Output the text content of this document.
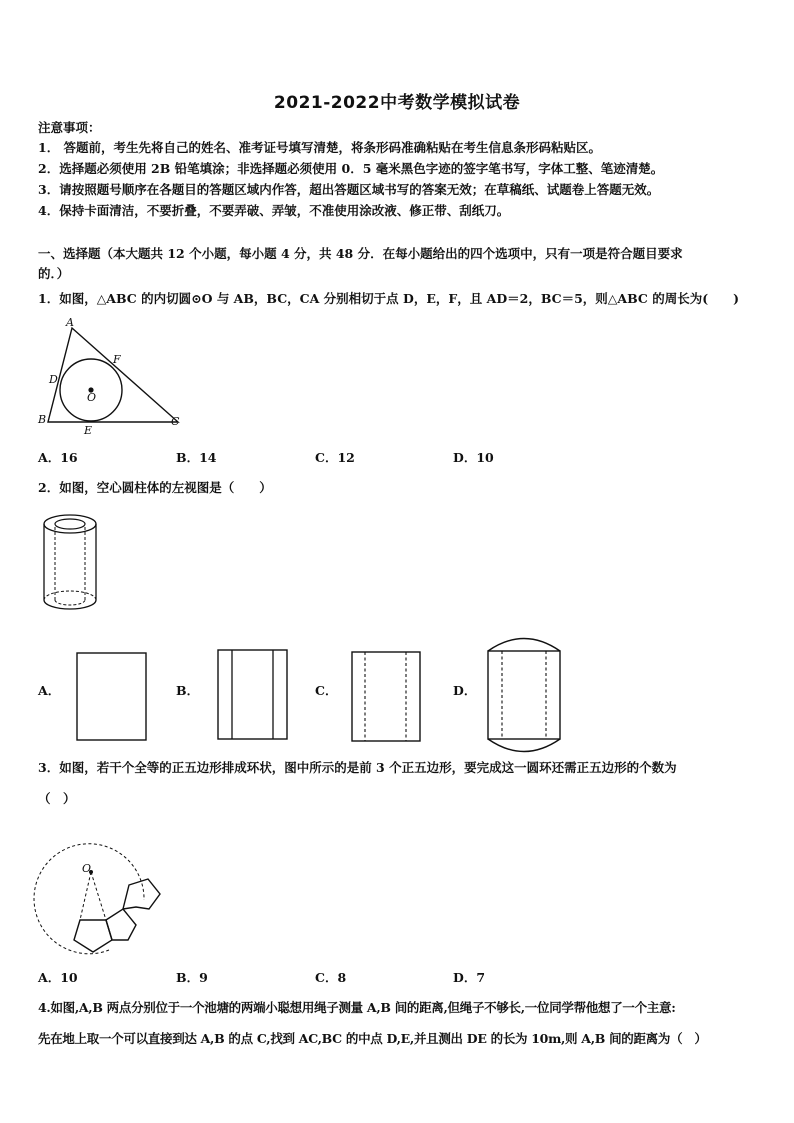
2021-2022中考数学模拟试卷
注意事项：
1． 答题前，考生先将自己的姓名、准考证号填写清楚，将条形码准确粘贴在考生信息条形码粘贴区。
2．选择题必须使用 2B 铅笔填涂；非选择题必须使用 0．5 毫米黑色字迹的签字笔书写，字体工整、笔迹清楚。
3．请按照题号顺序在各题目的答题区域内作答，超出答题区域书写的答案无效；在草稿纸、试题卷上答题无效。
4．保持卡面清洁，不要折叠，不要弄破、弄皱，不准使用涂改液、修正带、刮纸刀。
一、选择题（本大题共 12 个小题，每小题 4 分，共 48 分．在每小题给出的四个选项中，只有一项是符合题目要求
的．）
1．如图，△ABC 的内切圆⊙O 与 AB，BC，CA 分别相切于点 D，E，F，且 AD＝2，BC＝5，则△ABC 的周长为(　　)
A
B	C
D
E
F
O
A．16	B．14	C．12	D．10
2．如图，空心圆柱体的左视图是（　　）
A．	B．	C．	D．
3．如图，若干个全等的正五边形排成环状，图中所示的是前 3 个正五边形，要完成这一圆环还需正五边形的个数为
（　）
O
A．10	B．9	C．8	D．7
4.如图,A,B 两点分别位于一个池塘的两端小聪想用绳子测量 A,B 间的距离,但绳子不够长,一位同学帮他想了一个主意:
先在地上取一个可以直接到达 A,B 的点 C,找到 AC,BC 的中点 D,E,并且测出 DE 的长为 10m,则 A,B 间的距离为（　）
